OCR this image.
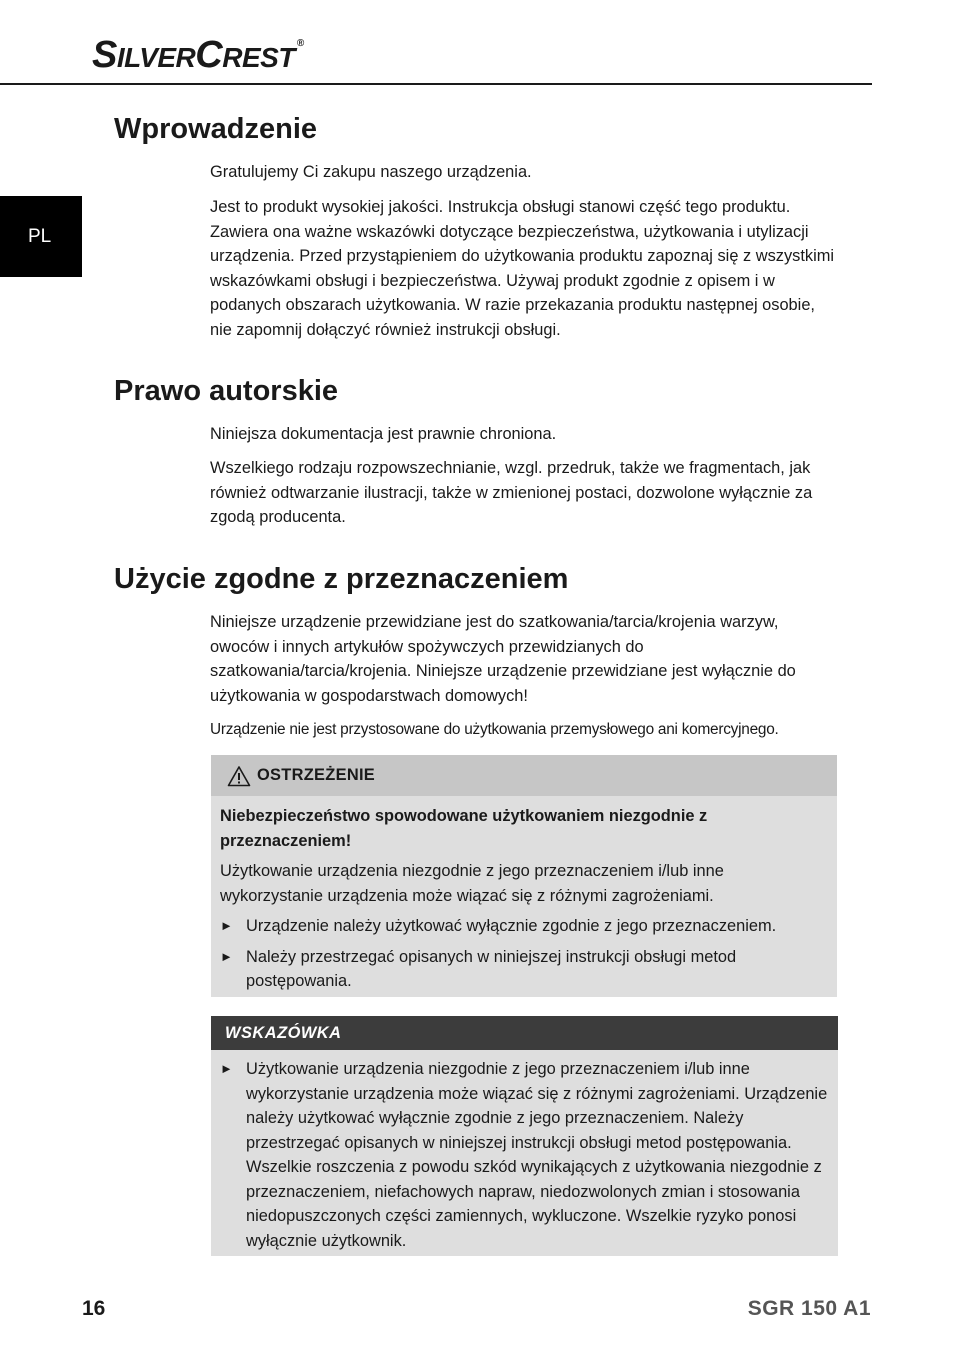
SILVERCREST ®
PL
Wprowadzenie

Gratulujemy Ci zakupu naszego urządzenia.

Jest to produkt wysokiej jakości. Instrukcja obsługi stanowi część tego produktu. Zawiera ona ważne wskazówki dotyczące bezpieczeństwa, użytkowania i utylizacji urządzenia. Przed przystąpieniem do użytkowania produktu zapoznaj się z wszystkimi wskazówkami obsługi i bezpieczeństwa. Używaj produkt zgodnie z opisem i w podanych obszarach użytkowania. W razie przekazania produktu następnej osobie, nie zapomnij dołączyć również instrukcji obsługi.

Prawo autorskie

Niniejsza dokumentacja jest prawnie chroniona.

Wszelkiego rodzaju rozpowszechnianie, wzgl. przedruk, także we fragmentach, jak również odtwarzanie ilustracji, także w zmienionej postaci, dozwolone wyłącznie za zgodą producenta.

Użycie zgodne z przeznaczeniem

Niniejsze urządzenie przewidziane jest do szatkowania/tarcia/krojenia warzyw, owoców i innych artykułów spożywczych przewidzianych do szatkowania/tarcia/krojenia. Niniejsze urządzenie przewidziane jest wyłącznie do użytkowania w gospodarstwach domowych!

Urządzenie nie jest przystosowane do użytkowania przemysłowego ani komercyjnego.

OSTRZEŻENIE

Niebezpieczeństwo spowodowane użytkowaniem niezgodnie z przeznaczeniem!

Użytkowanie urządzenia niezgodnie z jego przeznaczeniem i/lub inne wykorzystanie urządzenia może wiązać się z różnymi zagrożeniami.

► Urządzenie należy użytkować wyłącznie zgodnie z jego przeznaczeniem.

► Należy przestrzegać opisanych w niniejszej instrukcji obsługi metod postępowania.

WSKAZÓWKA

► Użytkowanie urządzenia niezgodnie z jego przeznaczeniem i/lub inne wykorzystanie urządzenia może wiązać się z różnymi zagrożeniami. Urządzenie należy użytkować wyłącznie zgodnie z jego przeznaczeniem. Należy przestrzegać opisanych w niniejszej instrukcji obsługi metod postępowania. Wszelkie roszczenia z powodu szkód wynikających z użytkowania niezgodnie z przeznaczeniem, niefachowych napraw, niedozwolonych zmian i stosowania niedopuszczonych części zamiennych, wykluczone. Wszelkie ryzyko ponosi wyłącznie użytkownik.

16	SGR 150 A1
